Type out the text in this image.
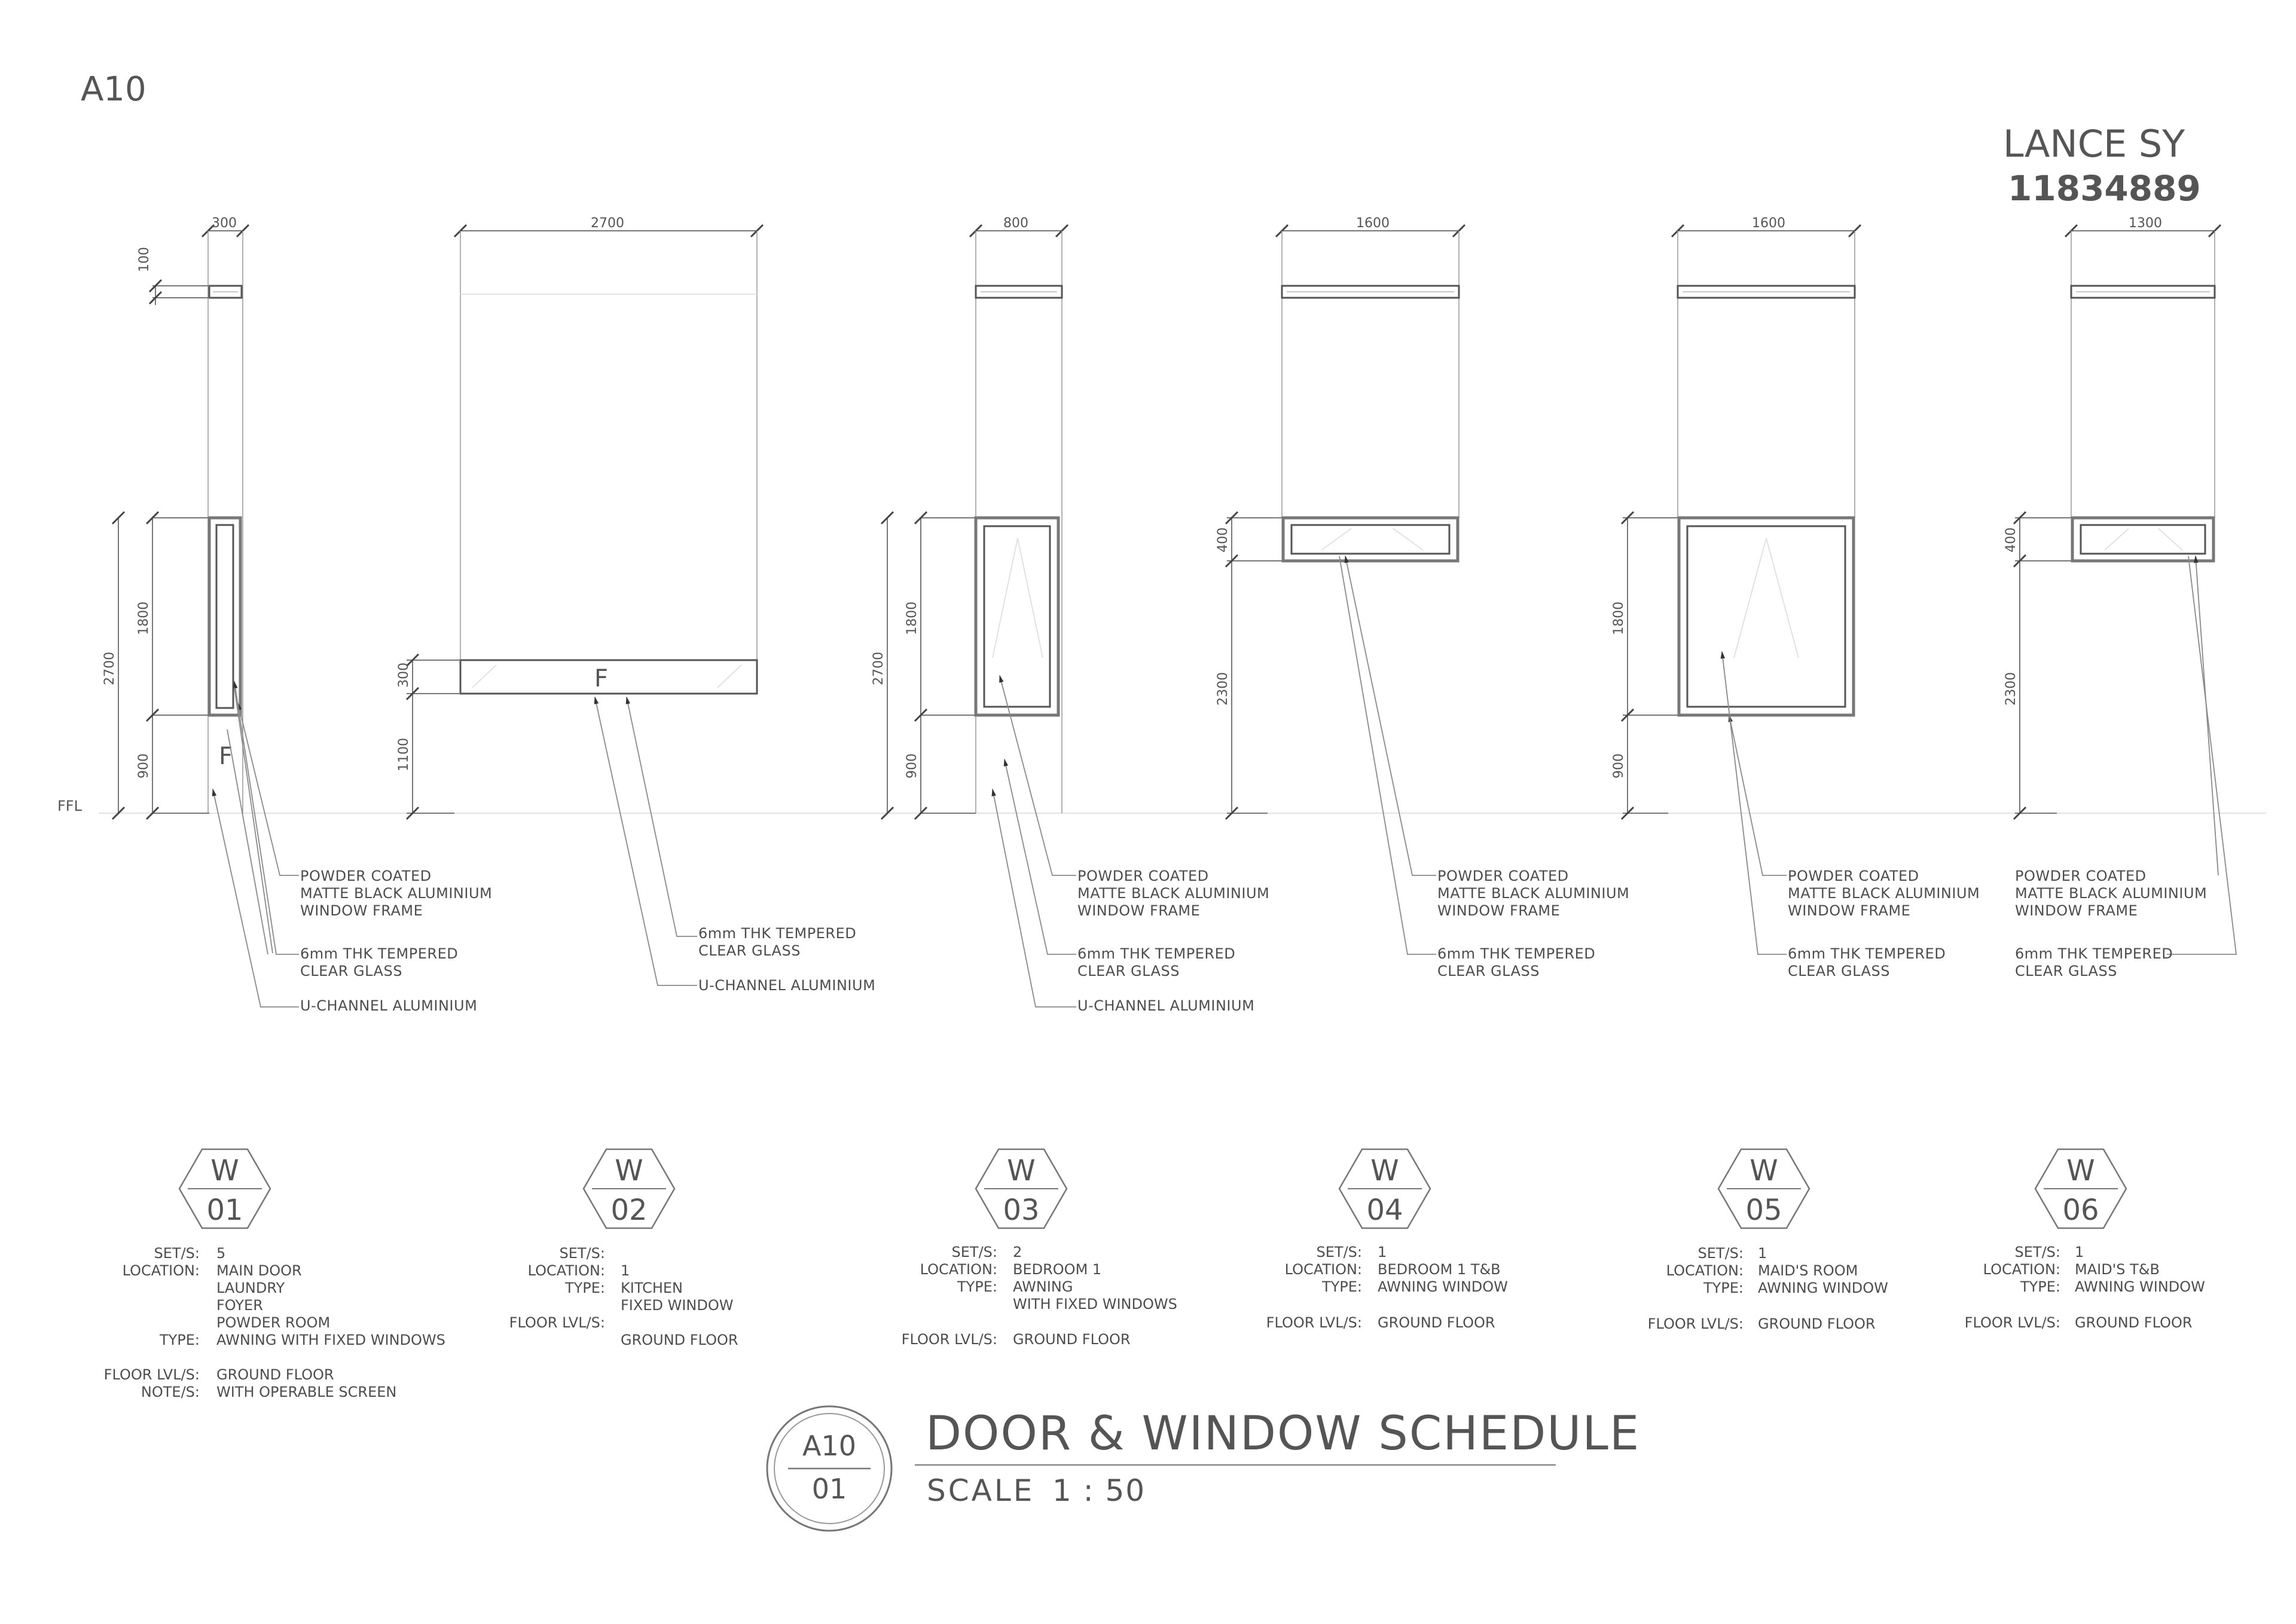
A10
LANCE SY
11834889
FFL
300
100
2700
1800
900	F
POWDER COATED
MATTE BLACK ALUMINIUM
WINDOW FRAME
6mm THK TEMPERED
CLEAR GLASS
U-CHANNEL ALUMINIUM
2700
F
300
1100
6mm THK TEMPERED
CLEAR GLASS
U-CHANNEL ALUMINIUM
800
2700
1800
900
POWDER COATED
MATTE BLACK ALUMINIUM
WINDOW FRAME
6mm THK TEMPERED
CLEAR GLASS
U-CHANNEL ALUMINIUM
1600
400
2300
POWDER COATED
MATTE BLACK ALUMINIUM
WINDOW FRAME
6mm THK TEMPERED
CLEAR GLASS
1600
1800
900
POWDER COATED
MATTE BLACK ALUMINIUM
WINDOW FRAME
6mm THK TEMPERED
CLEAR GLASS
1300
400
2300
POWDER COATED
MATTE BLACK ALUMINIUM
WINDOW FRAME
6mm THK TEMPERED
CLEAR GLASS
W
01
W
02
W
03
W
04
W
05
W
06
SET/S: 5
LOCATION: MAIN DOOR
LAUNDRY
FOYER
POWDER ROOM
TYPE: AWNING WITH FIXED WINDOWS
FLOOR LVL/S: GROUND FLOOR
NOTE/S: WITH OPERABLE SCREEN
SET/S:
LOCATION: 1
TYPE: KITCHEN
FIXED WINDOW
FLOOR LVL/S:
GROUND FLOOR
SET/S: 2
LOCATION: BEDROOM 1
TYPE: AWNING
WITH FIXED WINDOWS
FLOOR LVL/S: GROUND FLOOR
SET/S: 1
LOCATION: BEDROOM 1 T&B
TYPE: AWNING WINDOW
FLOOR LVL/S: GROUND FLOOR
SET/S: 1
LOCATION: MAID'S ROOM
TYPE: AWNING WINDOW
FLOOR LVL/S: GROUND FLOOR
SET/S: 1
LOCATION: MAID'S T&B
TYPE: AWNING WINDOW
FLOOR LVL/S: GROUND FLOOR
A10
01
DOOR & WINDOW SCHEDULE
SCALE 1 : 50
